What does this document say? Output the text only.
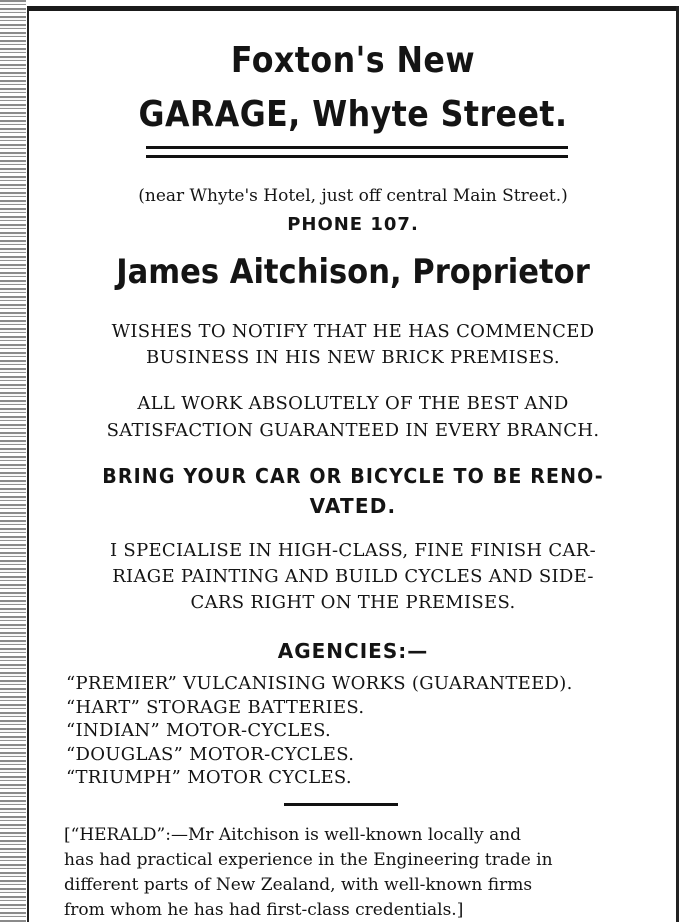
Foxton's New
GARAGE, Whyte Street.

(near Whyte's Hotel, just off central Main Street.)

PHONE 107.

James Aitchison, Proprietor

WISHES TO NOTIFY THAT HE HAS COMMENCED

BUSINESS IN HIS NEW BRICK PREMISES.

ALL WORK ABSOLUTELY OF THE BEST AND

SATISFACTION GUARANTEED IN EVERY BRANCH.

BRING YOUR CAR OR BICYCLE TO BE RENO-

VATED.

I SPECIALISE IN HIGH-CLASS, FINE FINISH CAR-

RIAGE PAINTING AND BUILD CYCLES AND SIDE-

CARS RIGHT ON THE PREMISES.

AGENCIES:—
“PREMIER” VULCANISING WORKS (GUARANTEED).
“HART” STORAGE BATTERIES.
“INDIAN” MOTOR-CYCLES.
“DOUGLAS” MOTOR-CYCLES.
“TRIUMPH” MOTOR CYCLES.

[“HERALD”:—Mr Aitchison is well-known locally and
has had practical experience in the Engineering trade in
different parts of New Zealand, with well-known firms
from whom he has had first-class credentials.]
